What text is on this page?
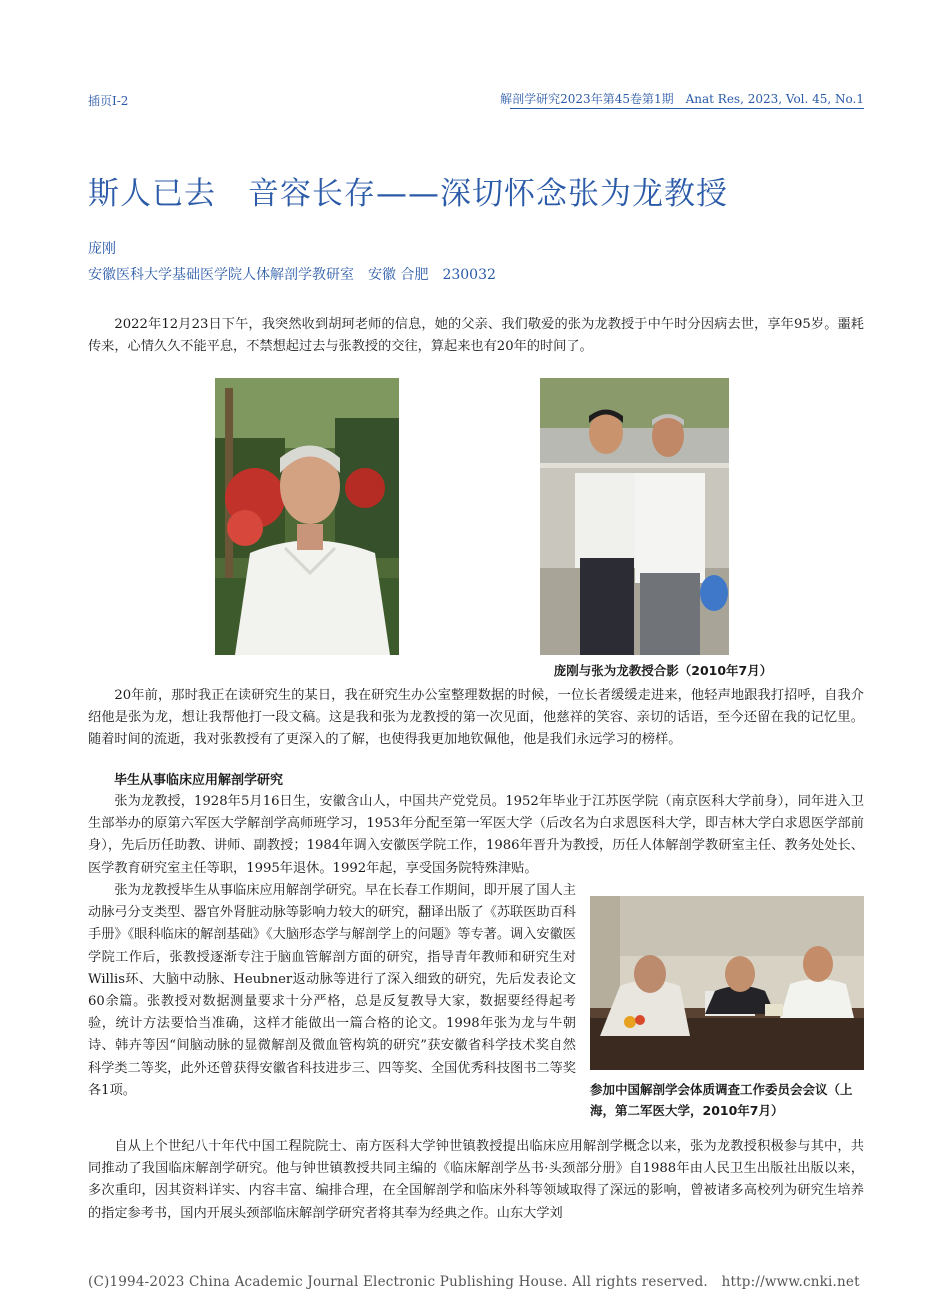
插页Ⅰ-2	解剖学研究2023年第45卷第1期　Anat Res, 2023, Vol. 45, No.1
斯人已去　音容长存——深切怀念张为龙教授
庞刚
安徽医科大学基础医学院人体解剖学教研室　安徽 合肥　230032

2022年12月23日下午，我突然收到胡珂老师的信息，她的父亲、我们敬爱的张为龙教授于中午时分因病去世，享年95岁。噩耗传来，心情久久不能平息，不禁想起过去与张教授的交往，算起来也有20年的时间了。

庞刚与张为龙教授合影（2010年7月）

20年前，那时我正在读研究生的某日，我在研究生办公室整理数据的时候，一位长者缓缓走进来，他轻声地跟我打招呼，自我介绍他是张为龙，想让我帮他打一段文稿。这是我和张为龙教授的第一次见面，他慈祥的笑容、亲切的话语，至今还留在我的记忆里。随着时间的流逝，我对张教授有了更深入的了解，也使得我更加地钦佩他，他是我们永远学习的榜样。

毕生从事临床应用解剖学研究

张为龙教授，1928年5月16日生，安徽含山人，中国共产党党员。1952年毕业于江苏医学院（南京医科大学前身），同年进入卫生部举办的原第六军医大学解剖学高师班学习，1953年分配至第一军医大学（后改名为白求恩医科大学，即吉林大学白求恩医学部前身），先后历任助教、讲师、副教授；1984年调入安徽医学院工作，1986年晋升为教授，历任人体解剖学教研室主任、教务处处长、医学教育研究室主任等职，1995年退休。1992年起，享受国务院特殊津贴。

张为龙教授毕生从事临床应用解剖学研究。早在长春工作期间，即开展了国人主动脉弓分支类型、器官外肾脏动脉等影响力较大的研究，翻译出版了《苏联医助百科手册》《眼科临床的解剖基础》《大脑形态学与解剖学上的问题》等专著。调入安徽医学院工作后，张教授逐渐专注于脑血管解剖方面的研究，指导青年教师和研究生对Willis环、大脑中动脉、Heubner返动脉等进行了深入细致的研究，先后发表论文60余篇。张教授对数据测量要求十分严格，总是反复教导大家，数据要经得起考验，统计方法要恰当准确，这样才能做出一篇合格的论文。1998年张为龙与牛朝诗、韩卉等因“间脑动脉的显微解剖及微血管构筑的研究”获安徽省科学技术奖自然科学类二等奖，此外还曾获得安徽省科技进步三、四等奖、全国优秀科技图书二等奖各1项。	参加中国解剖学会体质调查工作委员会会议（上海，第二军医大学，2010年7月）

自从上个世纪八十年代中国工程院院士、南方医科大学钟世镇教授提出临床应用解剖学概念以来，张为龙教授积极参与其中，共同推动了我国临床解剖学研究。他与钟世镇教授共同主编的《临床解剖学丛书·头颈部分册》自1988年由人民卫生出版社出版以来，多次重印，因其资料详实、内容丰富、编排合理，在全国解剖学和临床外科等领域取得了深远的影响，曾被诸多高校列为研究生培养的指定参考书，国内开展头颈部临床解剖学研究者将其奉为经典之作。山东大学刘

(C)1994-2023 China Academic Journal Electronic Publishing House. All rights reserved.　http://www.cnki.net
